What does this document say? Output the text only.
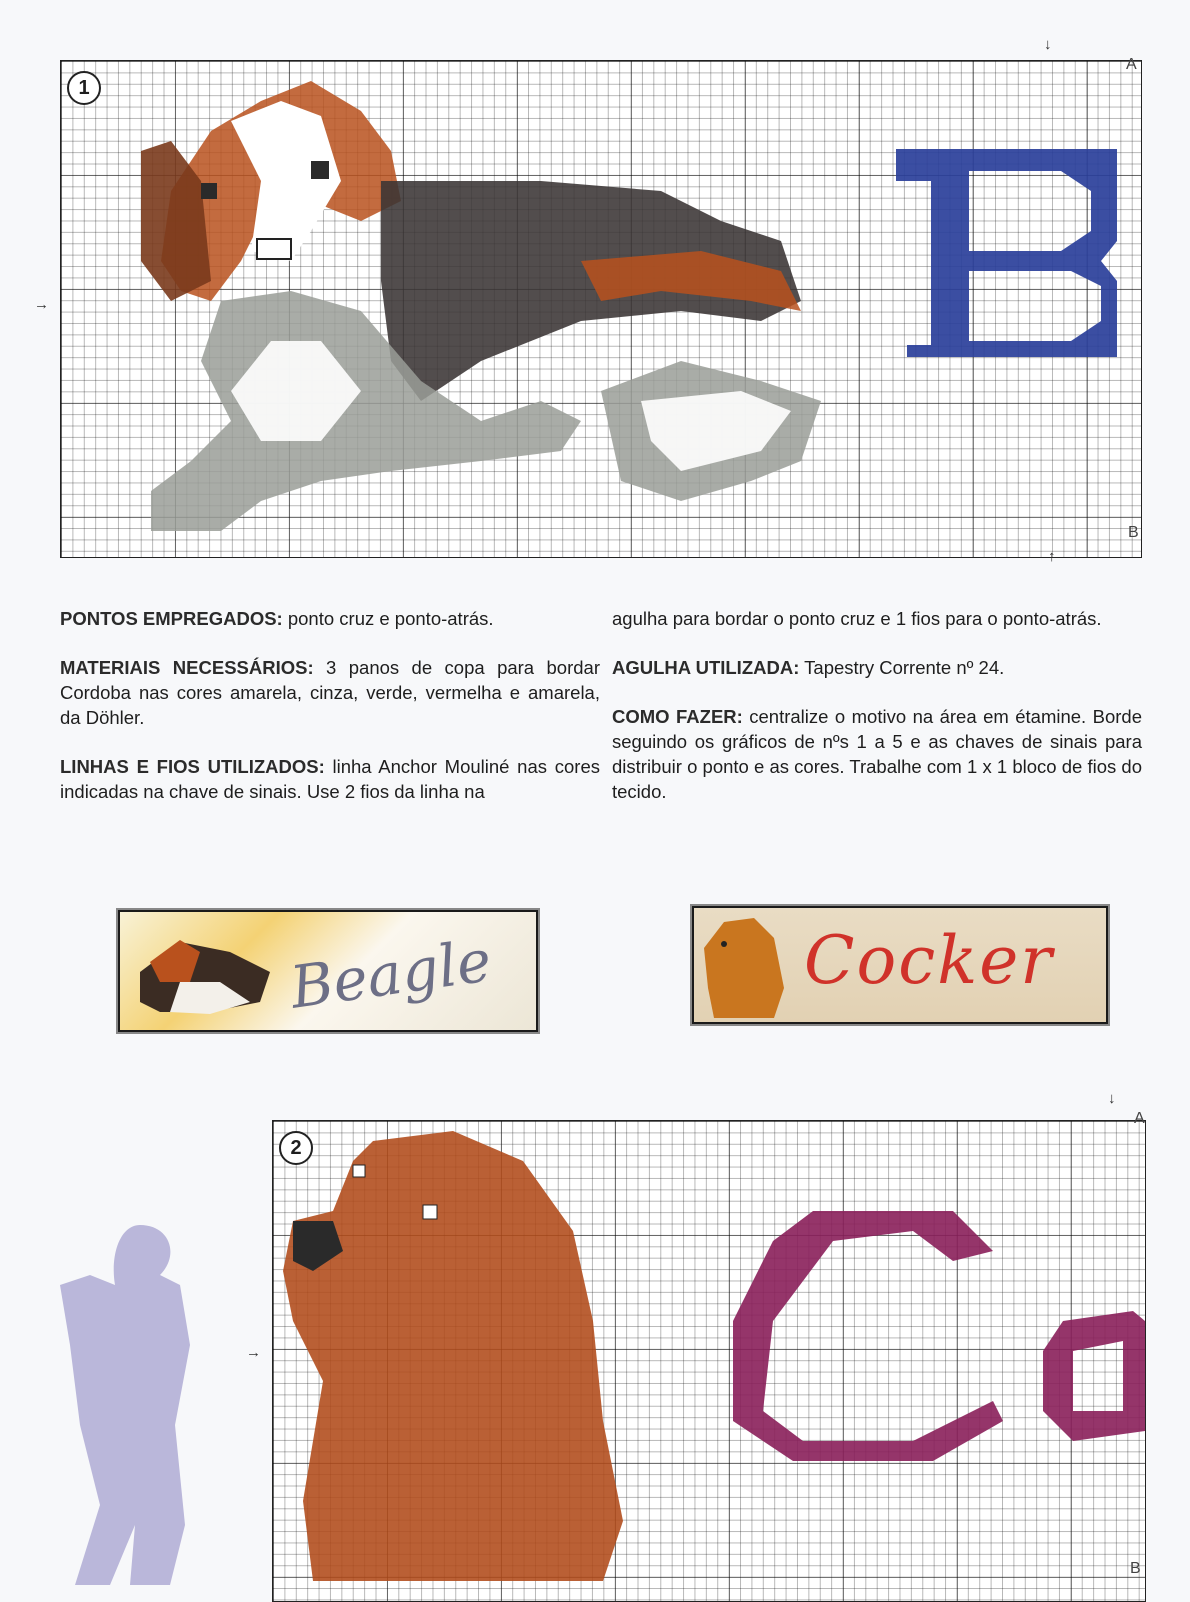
1
A
B
↓
↑
→

PONTOS EMPREGADOS: ponto cruz e ponto-atrás.

MATERIAIS NECESSÁRIOS: 3 panos de copa para bordar Cordoba nas cores amarela, cinza, verde, vermelha e amarela, da Döhler.

LINHAS E FIOS UTILIZADOS: linha Anchor Mouliné nas cores indicadas na chave de sinais. Use 2 fios da linha na

agulha para bordar o ponto cruz e 1 fios para o ponto-atrás.

AGULHA UTILIZADA: Tapestry Corrente nº 24.

COMO FAZER: centralize o motivo na área em étamine. Borde seguindo os gráficos de nºs 1 a 5 e as chaves de sinais para distribuir o ponto e as cores. Trabalhe com 1 x 1 bloco de fios do tecido.

Beagle	Cocker
2
A
B
↓
→
